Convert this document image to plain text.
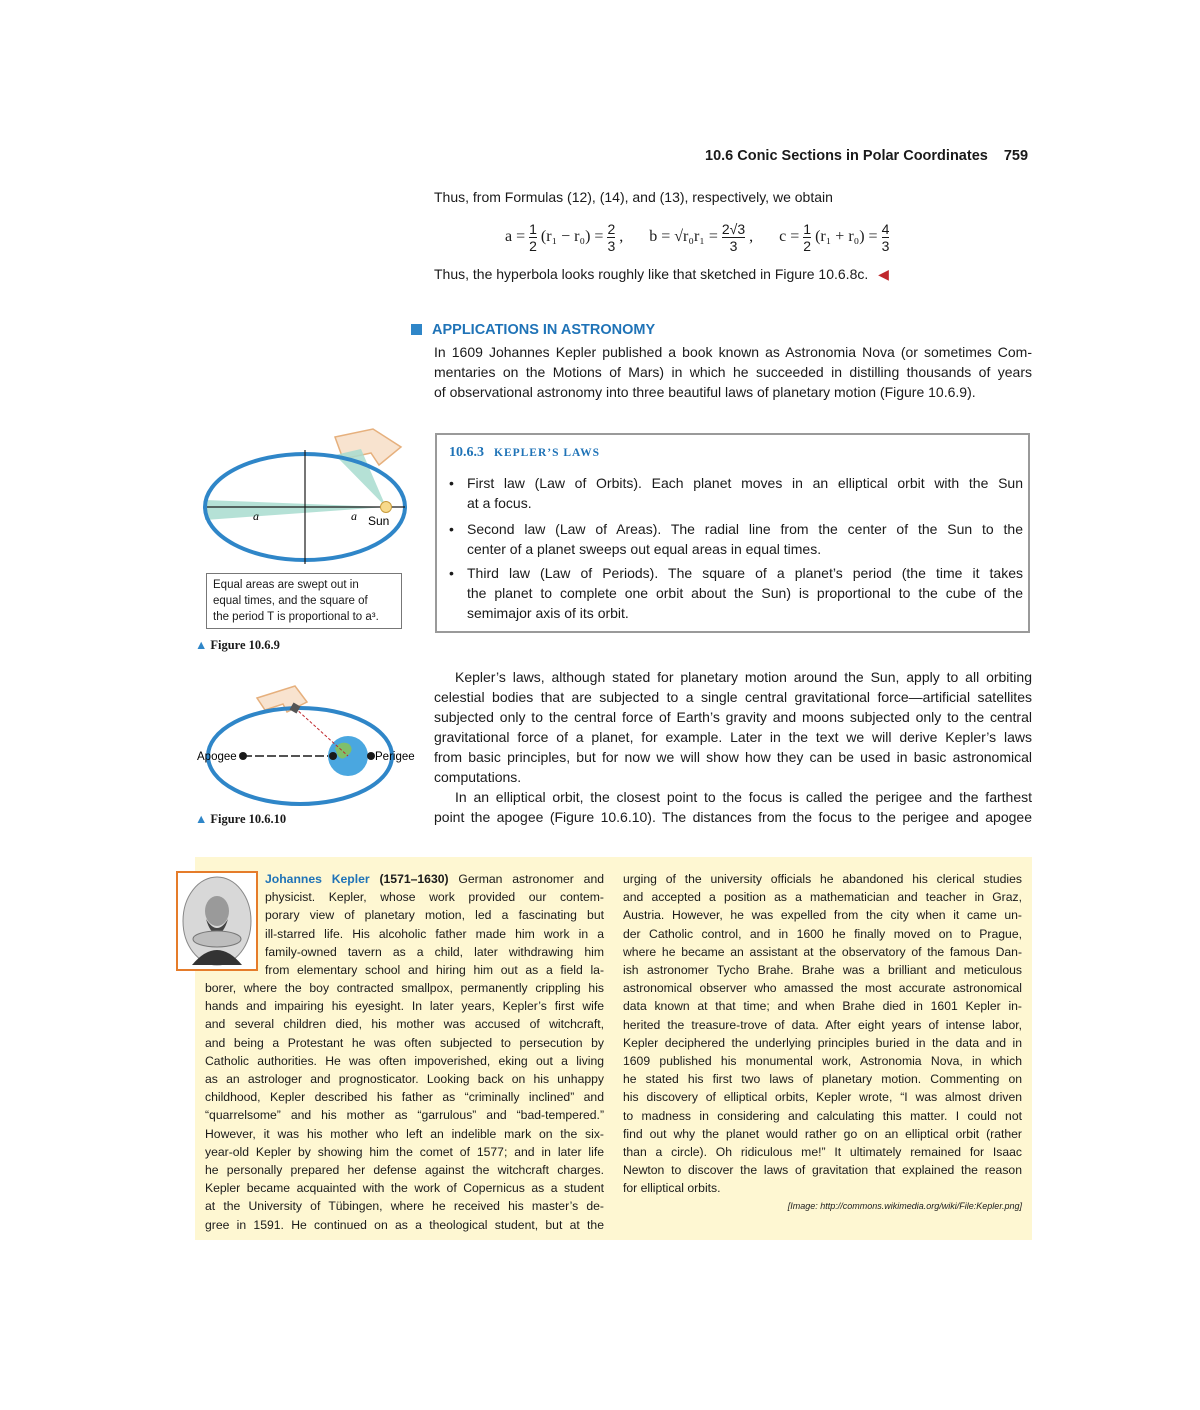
10.6 Conic Sections in Polar Coordinates 759
Thus, from Formulas (12), (14), and (13), respectively, we obtain
$a = \frac{1}{2} (r_1 - r_0) = \frac{2}{3}$ , $b = √r_0r_1 = \frac{2√3}{3}$ , $c = \frac{1}{2} (r_1 + r_0) = \frac{4}{3}$
Thus, the hyperbola looks roughly like that sketched in Figure 10.6.8c. ◀
APPLICATIONS IN ASTRONOMY
In 1609 Johannes Kepler published a book known as Astronomia Nova (or sometimes Com-
mentaries on the Motions of Mars) in which he succeeded in distilling thousands of years
of observational astronomy into three beautiful laws of planetary motion (Figure 10.6.9).
a	a Sun
Equal areas are swept out in
equal times, and the square of
the period T is proportional to a³.
▲ Figure 10.6.9
10.6.3 KEPLER’S LAWS
• First law (Law of Orbits). Each planet moves in an elliptical orbit with the Sun
at a focus.
• Second law (Law of Areas). The radial line from the center of the Sun to the
center of a planet sweeps out equal areas in equal times.
• Third law (Law of Periods). The square of a planet’s period (the time it takes
the planet to complete one orbit about the Sun) is proportional to the cube of the
semimajor axis of its orbit.
Apogee	Perigee
▲ Figure 10.6.10
Kepler’s laws, although stated for planetary motion around the Sun, apply to all orbiting
celestial bodies that are subjected to a single central gravitational force—artificial satellites
subjected only to the central force of Earth’s gravity and moons subjected only to the central
gravitational force of a planet, for example. Later in the text we will derive Kepler’s laws
from basic principles, but for now we will show how they can be used in basic astronomical
computations.
In an elliptical orbit, the closest point to the focus is called the perigee and the farthest
point the apogee (Figure 10.6.10). The distances from the focus to the perigee and apogee
Johannes Kepler (1571–1630) German astronomer and
physicist. Kepler, whose work provided our contem-
porary view of planetary motion, led a fascinating but
ill-starred life. His alcoholic father made him work in a
family-owned tavern as a child, later withdrawing him
from elementary school and hiring him out as a field la-
borer, where the boy contracted smallpox, permanently crippling his
hands and impairing his eyesight. In later years, Kepler’s first wife
and several children died, his mother was accused of witchcraft,
and being a Protestant he was often subjected to persecution by
Catholic authorities. He was often impoverished, eking out a living
as an astrologer and prognosticator. Looking back on his unhappy
childhood, Kepler described his father as “criminally inclined” and
“quarrelsome” and his mother as “garrulous” and “bad-tempered.”
However, it was his mother who left an indelible mark on the six-
year-old Kepler by showing him the comet of 1577; and in later life
he personally prepared her defense against the witchcraft charges.
Kepler became acquainted with the work of Copernicus as a student
at the University of Tübingen, where he received his master’s de-
gree in 1591. He continued on as a theological student, but at the
urging of the university officials he abandoned his clerical studies
and accepted a position as a mathematician and teacher in Graz,
Austria. However, he was expelled from the city when it came un-
der Catholic control, and in 1600 he finally moved on to Prague,
where he became an assistant at the observatory of the famous Dan-
ish astronomer Tycho Brahe. Brahe was a brilliant and meticulous
astronomical observer who amassed the most accurate astronomical
data known at that time; and when Brahe died in 1601 Kepler in-
herited the treasure-trove of data. After eight years of intense labor,
Kepler deciphered the underlying principles buried in the data and in
1609 published his monumental work, Astronomia Nova, in which
he stated his first two laws of planetary motion. Commenting on
his discovery of elliptical orbits, Kepler wrote, “I was almost driven
to madness in considering and calculating this matter. I could not
find out why the planet would rather go on an elliptical orbit (rather
than a circle). Oh ridiculous me!” It ultimately remained for Isaac
Newton to discover the laws of gravitation that explained the reason
for elliptical orbits.
[Image: http://commons.wikimedia.org/wiki/File:Kepler.png]
